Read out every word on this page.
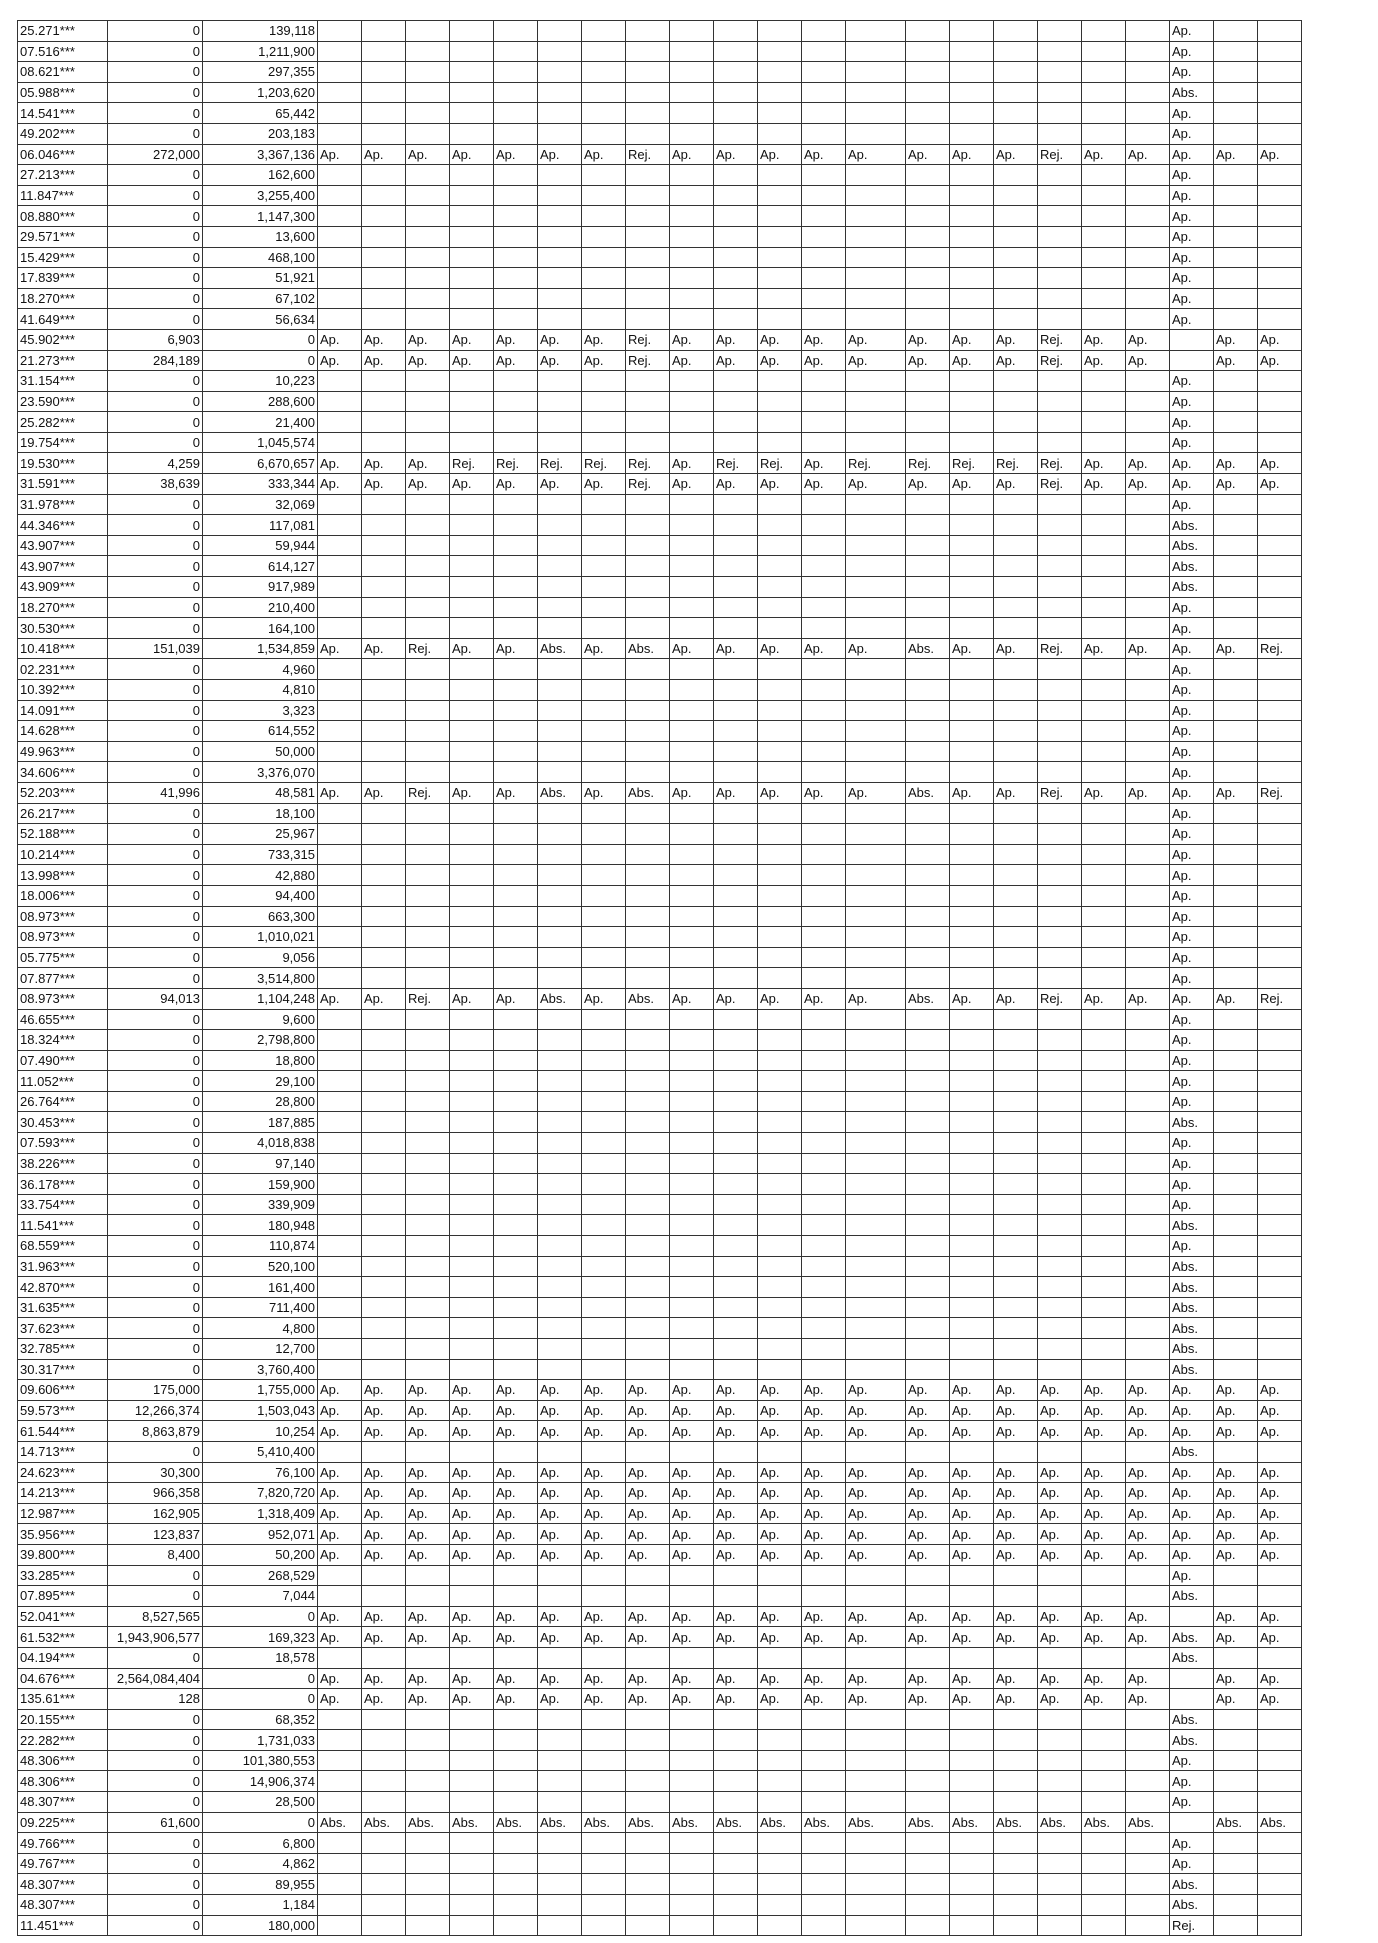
25.271***	0	139,118																				Ap.		
07.516***	0	1,211,900																				Ap.		
08.621***	0	297,355																				Ap.		
05.988***	0	1,203,620																				Abs.		
14.541***	0	65,442																				Ap.		
49.202***	0	203,183																				Ap.		
06.046***	272,000	3,367,136	Ap.	Ap.	Ap.	Ap.	Ap.	Ap.	Ap.	Rej.	Ap.	Ap.	Ap.	Ap.	Ap.	Ap.	Ap.	Ap.	Rej.	Ap.	Ap.	Ap.	Ap.	Ap.
27.213***	0	162,600																				Ap.		
11.847***	0	3,255,400																				Ap.		
08.880***	0	1,147,300																				Ap.		
29.571***	0	13,600																				Ap.		
15.429***	0	468,100																				Ap.		
17.839***	0	51,921																				Ap.		
18.270***	0	67,102																				Ap.		
41.649***	0	56,634																				Ap.		
45.902***	6,903	0	Ap.	Ap.	Ap.	Ap.	Ap.	Ap.	Ap.	Rej.	Ap.	Ap.	Ap.	Ap.	Ap.	Ap.	Ap.	Ap.	Rej.	Ap.	Ap.		Ap.	Ap.
21.273***	284,189	0	Ap.	Ap.	Ap.	Ap.	Ap.	Ap.	Ap.	Rej.	Ap.	Ap.	Ap.	Ap.	Ap.	Ap.	Ap.	Ap.	Rej.	Ap.	Ap.		Ap.	Ap.
31.154***	0	10,223																				Ap.		
23.590***	0	288,600																				Ap.		
25.282***	0	21,400																				Ap.		
19.754***	0	1,045,574																				Ap.		
19.530***	4,259	6,670,657	Ap.	Ap.	Ap.	Rej.	Rej.	Rej.	Rej.	Rej.	Ap.	Rej.	Rej.	Ap.	Rej.	Rej.	Rej.	Rej.	Rej.	Ap.	Ap.	Ap.	Ap.	Ap.
31.591***	38,639	333,344	Ap.	Ap.	Ap.	Ap.	Ap.	Ap.	Ap.	Rej.	Ap.	Ap.	Ap.	Ap.	Ap.	Ap.	Ap.	Ap.	Rej.	Ap.	Ap.	Ap.	Ap.	Ap.
31.978***	0	32,069																				Ap.		
44.346***	0	117,081																				Abs.		
43.907***	0	59,944																				Abs.		
43.907***	0	614,127																				Abs.		
43.909***	0	917,989																				Abs.		
18.270***	0	210,400																				Ap.		
30.530***	0	164,100																				Ap.		
10.418***	151,039	1,534,859	Ap.	Ap.	Rej.	Ap.	Ap.	Abs.	Ap.	Abs.	Ap.	Ap.	Ap.	Ap.	Ap.	Abs.	Ap.	Ap.	Rej.	Ap.	Ap.	Ap.	Ap.	Rej.
02.231***	0	4,960																				Ap.		
10.392***	0	4,810																				Ap.		
14.091***	0	3,323																				Ap.		
14.628***	0	614,552																				Ap.		
49.963***	0	50,000																				Ap.		
34.606***	0	3,376,070																				Ap.		
52.203***	41,996	48,581	Ap.	Ap.	Rej.	Ap.	Ap.	Abs.	Ap.	Abs.	Ap.	Ap.	Ap.	Ap.	Ap.	Abs.	Ap.	Ap.	Rej.	Ap.	Ap.	Ap.	Ap.	Rej.
26.217***	0	18,100																				Ap.		
52.188***	0	25,967																				Ap.		
10.214***	0	733,315																				Ap.		
13.998***	0	42,880																				Ap.		
18.006***	0	94,400																				Ap.		
08.973***	0	663,300																				Ap.		
08.973***	0	1,010,021																				Ap.		
05.775***	0	9,056																				Ap.		
07.877***	0	3,514,800																				Ap.		
08.973***	94,013	1,104,248	Ap.	Ap.	Rej.	Ap.	Ap.	Abs.	Ap.	Abs.	Ap.	Ap.	Ap.	Ap.	Ap.	Abs.	Ap.	Ap.	Rej.	Ap.	Ap.	Ap.	Ap.	Rej.
46.655***	0	9,600																				Ap.		
18.324***	0	2,798,800																				Ap.		
07.490***	0	18,800																				Ap.		
11.052***	0	29,100																				Ap.		
26.764***	0	28,800																				Ap.		
30.453***	0	187,885																				Abs.		
07.593***	0	4,018,838																				Ap.		
38.226***	0	97,140																				Ap.		
36.178***	0	159,900																				Ap.		
33.754***	0	339,909																				Ap.		
11.541***	0	180,948																				Abs.		
68.559***	0	110,874																				Ap.		
31.963***	0	520,100																				Abs.		
42.870***	0	161,400																				Abs.		
31.635***	0	711,400																				Abs.		
37.623***	0	4,800																				Abs.		
32.785***	0	12,700																				Abs.		
30.317***	0	3,760,400																				Abs.		
09.606***	175,000	1,755,000	Ap.	Ap.	Ap.	Ap.	Ap.	Ap.	Ap.	Ap.	Ap.	Ap.	Ap.	Ap.	Ap.	Ap.	Ap.	Ap.	Ap.	Ap.	Ap.	Ap.	Ap.	Ap.
59.573***	12,266,374	1,503,043	Ap.	Ap.	Ap.	Ap.	Ap.	Ap.	Ap.	Ap.	Ap.	Ap.	Ap.	Ap.	Ap.	Ap.	Ap.	Ap.	Ap.	Ap.	Ap.	Ap.	Ap.	Ap.
61.544***	8,863,879	10,254	Ap.	Ap.	Ap.	Ap.	Ap.	Ap.	Ap.	Ap.	Ap.	Ap.	Ap.	Ap.	Ap.	Ap.	Ap.	Ap.	Ap.	Ap.	Ap.	Ap.	Ap.	Ap.
14.713***	0	5,410,400																				Abs.		
24.623***	30,300	76,100	Ap.	Ap.	Ap.	Ap.	Ap.	Ap.	Ap.	Ap.	Ap.	Ap.	Ap.	Ap.	Ap.	Ap.	Ap.	Ap.	Ap.	Ap.	Ap.	Ap.	Ap.	Ap.
14.213***	966,358	7,820,720	Ap.	Ap.	Ap.	Ap.	Ap.	Ap.	Ap.	Ap.	Ap.	Ap.	Ap.	Ap.	Ap.	Ap.	Ap.	Ap.	Ap.	Ap.	Ap.	Ap.	Ap.	Ap.
12.987***	162,905	1,318,409	Ap.	Ap.	Ap.	Ap.	Ap.	Ap.	Ap.	Ap.	Ap.	Ap.	Ap.	Ap.	Ap.	Ap.	Ap.	Ap.	Ap.	Ap.	Ap.	Ap.	Ap.	Ap.
35.956***	123,837	952,071	Ap.	Ap.	Ap.	Ap.	Ap.	Ap.	Ap.	Ap.	Ap.	Ap.	Ap.	Ap.	Ap.	Ap.	Ap.	Ap.	Ap.	Ap.	Ap.	Ap.	Ap.	Ap.
39.800***	8,400	50,200	Ap.	Ap.	Ap.	Ap.	Ap.	Ap.	Ap.	Ap.	Ap.	Ap.	Ap.	Ap.	Ap.	Ap.	Ap.	Ap.	Ap.	Ap.	Ap.	Ap.	Ap.	Ap.
33.285***	0	268,529																				Ap.		
07.895***	0	7,044																				Abs.		
52.041***	8,527,565	0	Ap.	Ap.	Ap.	Ap.	Ap.	Ap.	Ap.	Ap.	Ap.	Ap.	Ap.	Ap.	Ap.	Ap.	Ap.	Ap.	Ap.	Ap.	Ap.		Ap.	Ap.
61.532***	1,943,906,577	169,323	Ap.	Ap.	Ap.	Ap.	Ap.	Ap.	Ap.	Ap.	Ap.	Ap.	Ap.	Ap.	Ap.	Ap.	Ap.	Ap.	Ap.	Ap.	Ap.	Abs.	Ap.	Ap.
04.194***	0	18,578																				Abs.		
04.676***	2,564,084,404	0	Ap.	Ap.	Ap.	Ap.	Ap.	Ap.	Ap.	Ap.	Ap.	Ap.	Ap.	Ap.	Ap.	Ap.	Ap.	Ap.	Ap.	Ap.	Ap.		Ap.	Ap.
135.61***	128	0	Ap.	Ap.	Ap.	Ap.	Ap.	Ap.	Ap.	Ap.	Ap.	Ap.	Ap.	Ap.	Ap.	Ap.	Ap.	Ap.	Ap.	Ap.	Ap.		Ap.	Ap.
20.155***	0	68,352																				Abs.		
22.282***	0	1,731,033																				Abs.		
48.306***	0	101,380,553																				Ap.		
48.306***	0	14,906,374																				Ap.		
48.307***	0	28,500																				Ap.		
09.225***	61,600	0	Abs.	Abs.	Abs.	Abs.	Abs.	Abs.	Abs.	Abs.	Abs.	Abs.	Abs.	Abs.	Abs.	Abs.	Abs.	Abs.	Abs.	Abs.	Abs.		Abs.	Abs.
49.766***	0	6,800																				Ap.		
49.767***	0	4,862																				Ap.		
48.307***	0	89,955																				Abs.		
48.307***	0	1,184																				Abs.		
11.451***	0	180,000																				Rej.		
